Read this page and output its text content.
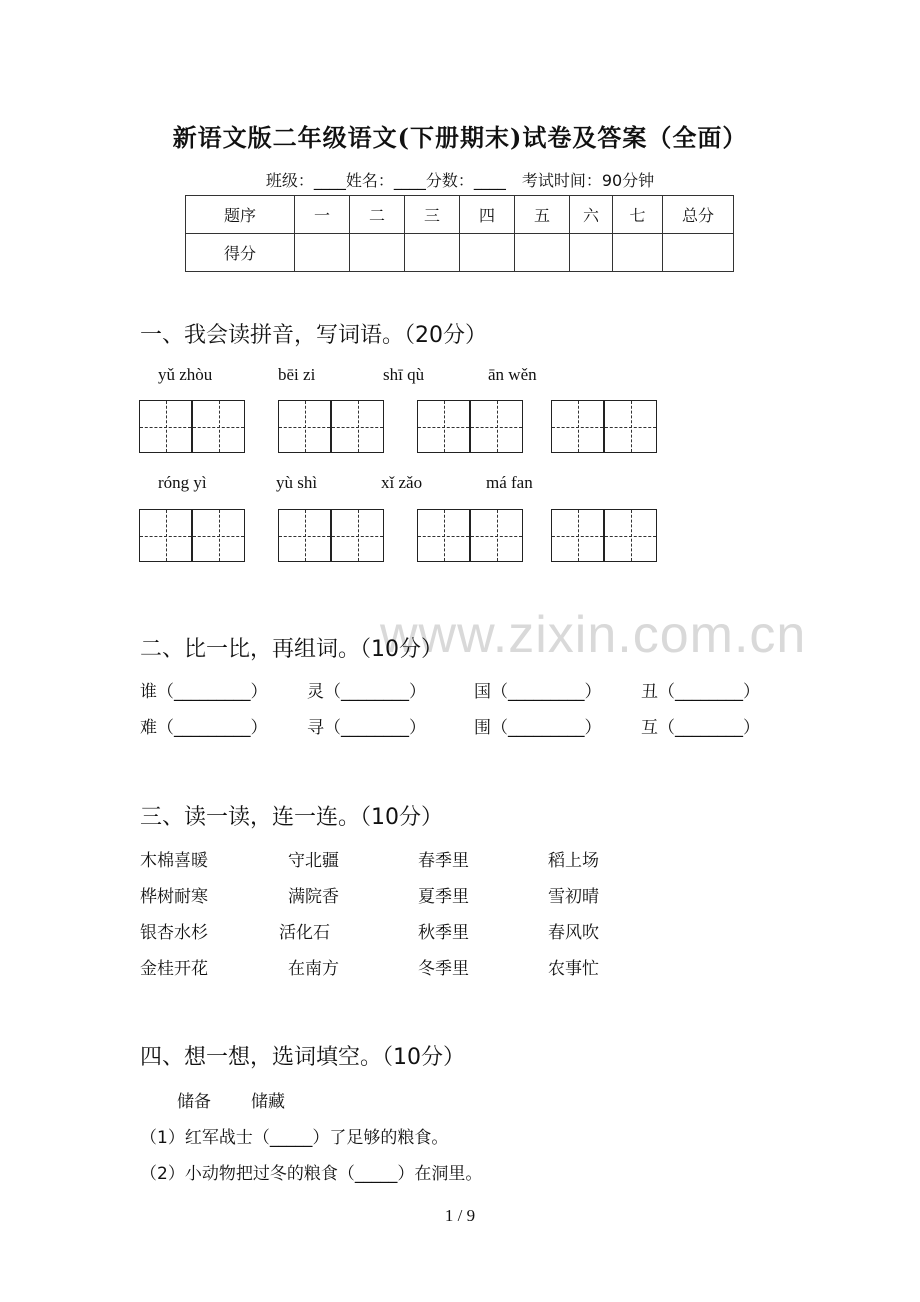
新语文版二年级语文(下册期末)试卷及答案（全面）
班级：____姓名：____分数：____　考试时间：90分钟
题序	一	二	三	四	五	六	七	总分
得分								
一、我会读拼音，写词语。（20分）
yǔ zhòu	bēi zi	shī qù	ān wěn
róng yì	yù shì	xǐ zǎo	má fan
www.zixin.com.cn
二、比一比，再组词。（10分）
谁（_________） 灵（________）	国（_________） 丑（________）
难（_________） 寻（________）	围（_________） 互（________）
三、读一读，连一连。（10分）
木棉喜暖	守北疆	春季里	稻上场
桦树耐寒	满院香	夏季里	雪初晴
银杏水杉	活化石	秋季里	春风吹
金桂开花	在南方	冬季里	农事忙
四、想一想，选词填空。（10分）
储备 储藏
（1）红军战士（_____）了足够的粮食。
（2）小动物把过冬的粮食（_____）在洞里。
1 / 9
